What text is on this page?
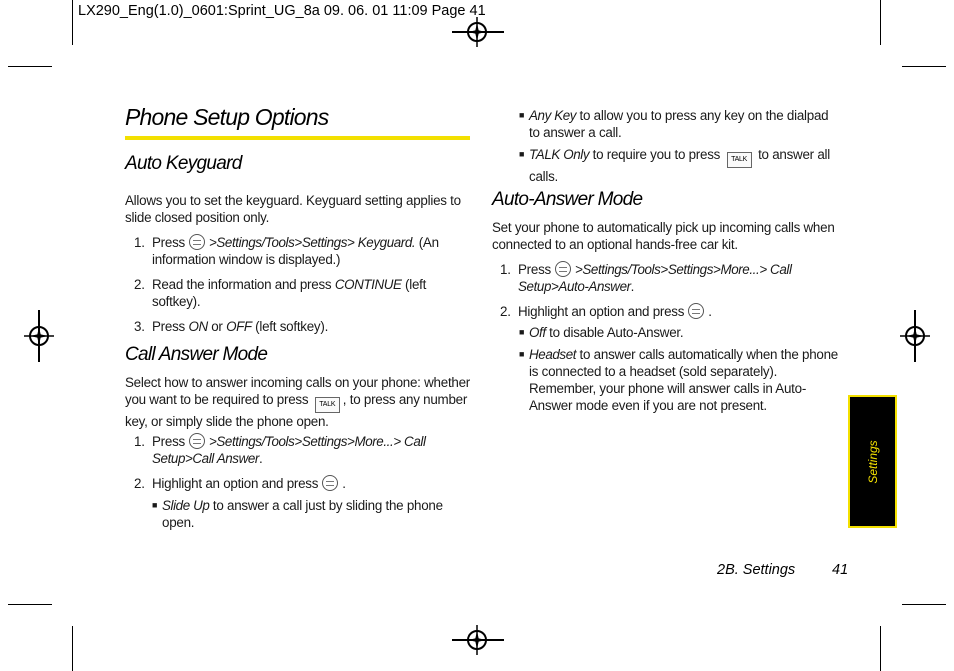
LX290_Eng(1.0)_0601:Sprint_UG_8a 09. 06. 01 11:09 Page 41
Phone Setup Options
Auto Keyguard
Allows you to set the keyguard. Keyguard setting applies to slide closed position only.
1. Press >Settings/Tools>Settings> Keyguard. (An information window is displayed.)
2. Read the information and press CONTINUE (left softkey).
3. Press ON or OFF (left softkey).
Call Answer Mode
Select how to answer incoming calls on your phone: whether you want to be required to press TALK , to press any number key, or simply slide the phone open.
1. Press >Settings/Tools>Settings>More...> Call Setup>Call Answer.
2. Highlight an option and press .
■ Slide Up to answer a call just by sliding the phone open.
■ Any Key to allow you to press any key on the dialpad to answer a call.
■ TALK Only to require you to press TALK to answer all calls.
Auto-Answer Mode
Set your phone to automatically pick up incoming calls when connected to an optional hands-free car kit.
1. Press >Settings/Tools>Settings>More...> Call Setup>Auto-Answer.
2. Highlight an option and press .
■ Off to disable Auto-Answer.
■ Headset to answer calls automatically when the phone is connected to a headset (sold separately). Remember, your phone will answer calls in Auto-Answer mode even if you are not present.
Settings
2B. Settings	41
